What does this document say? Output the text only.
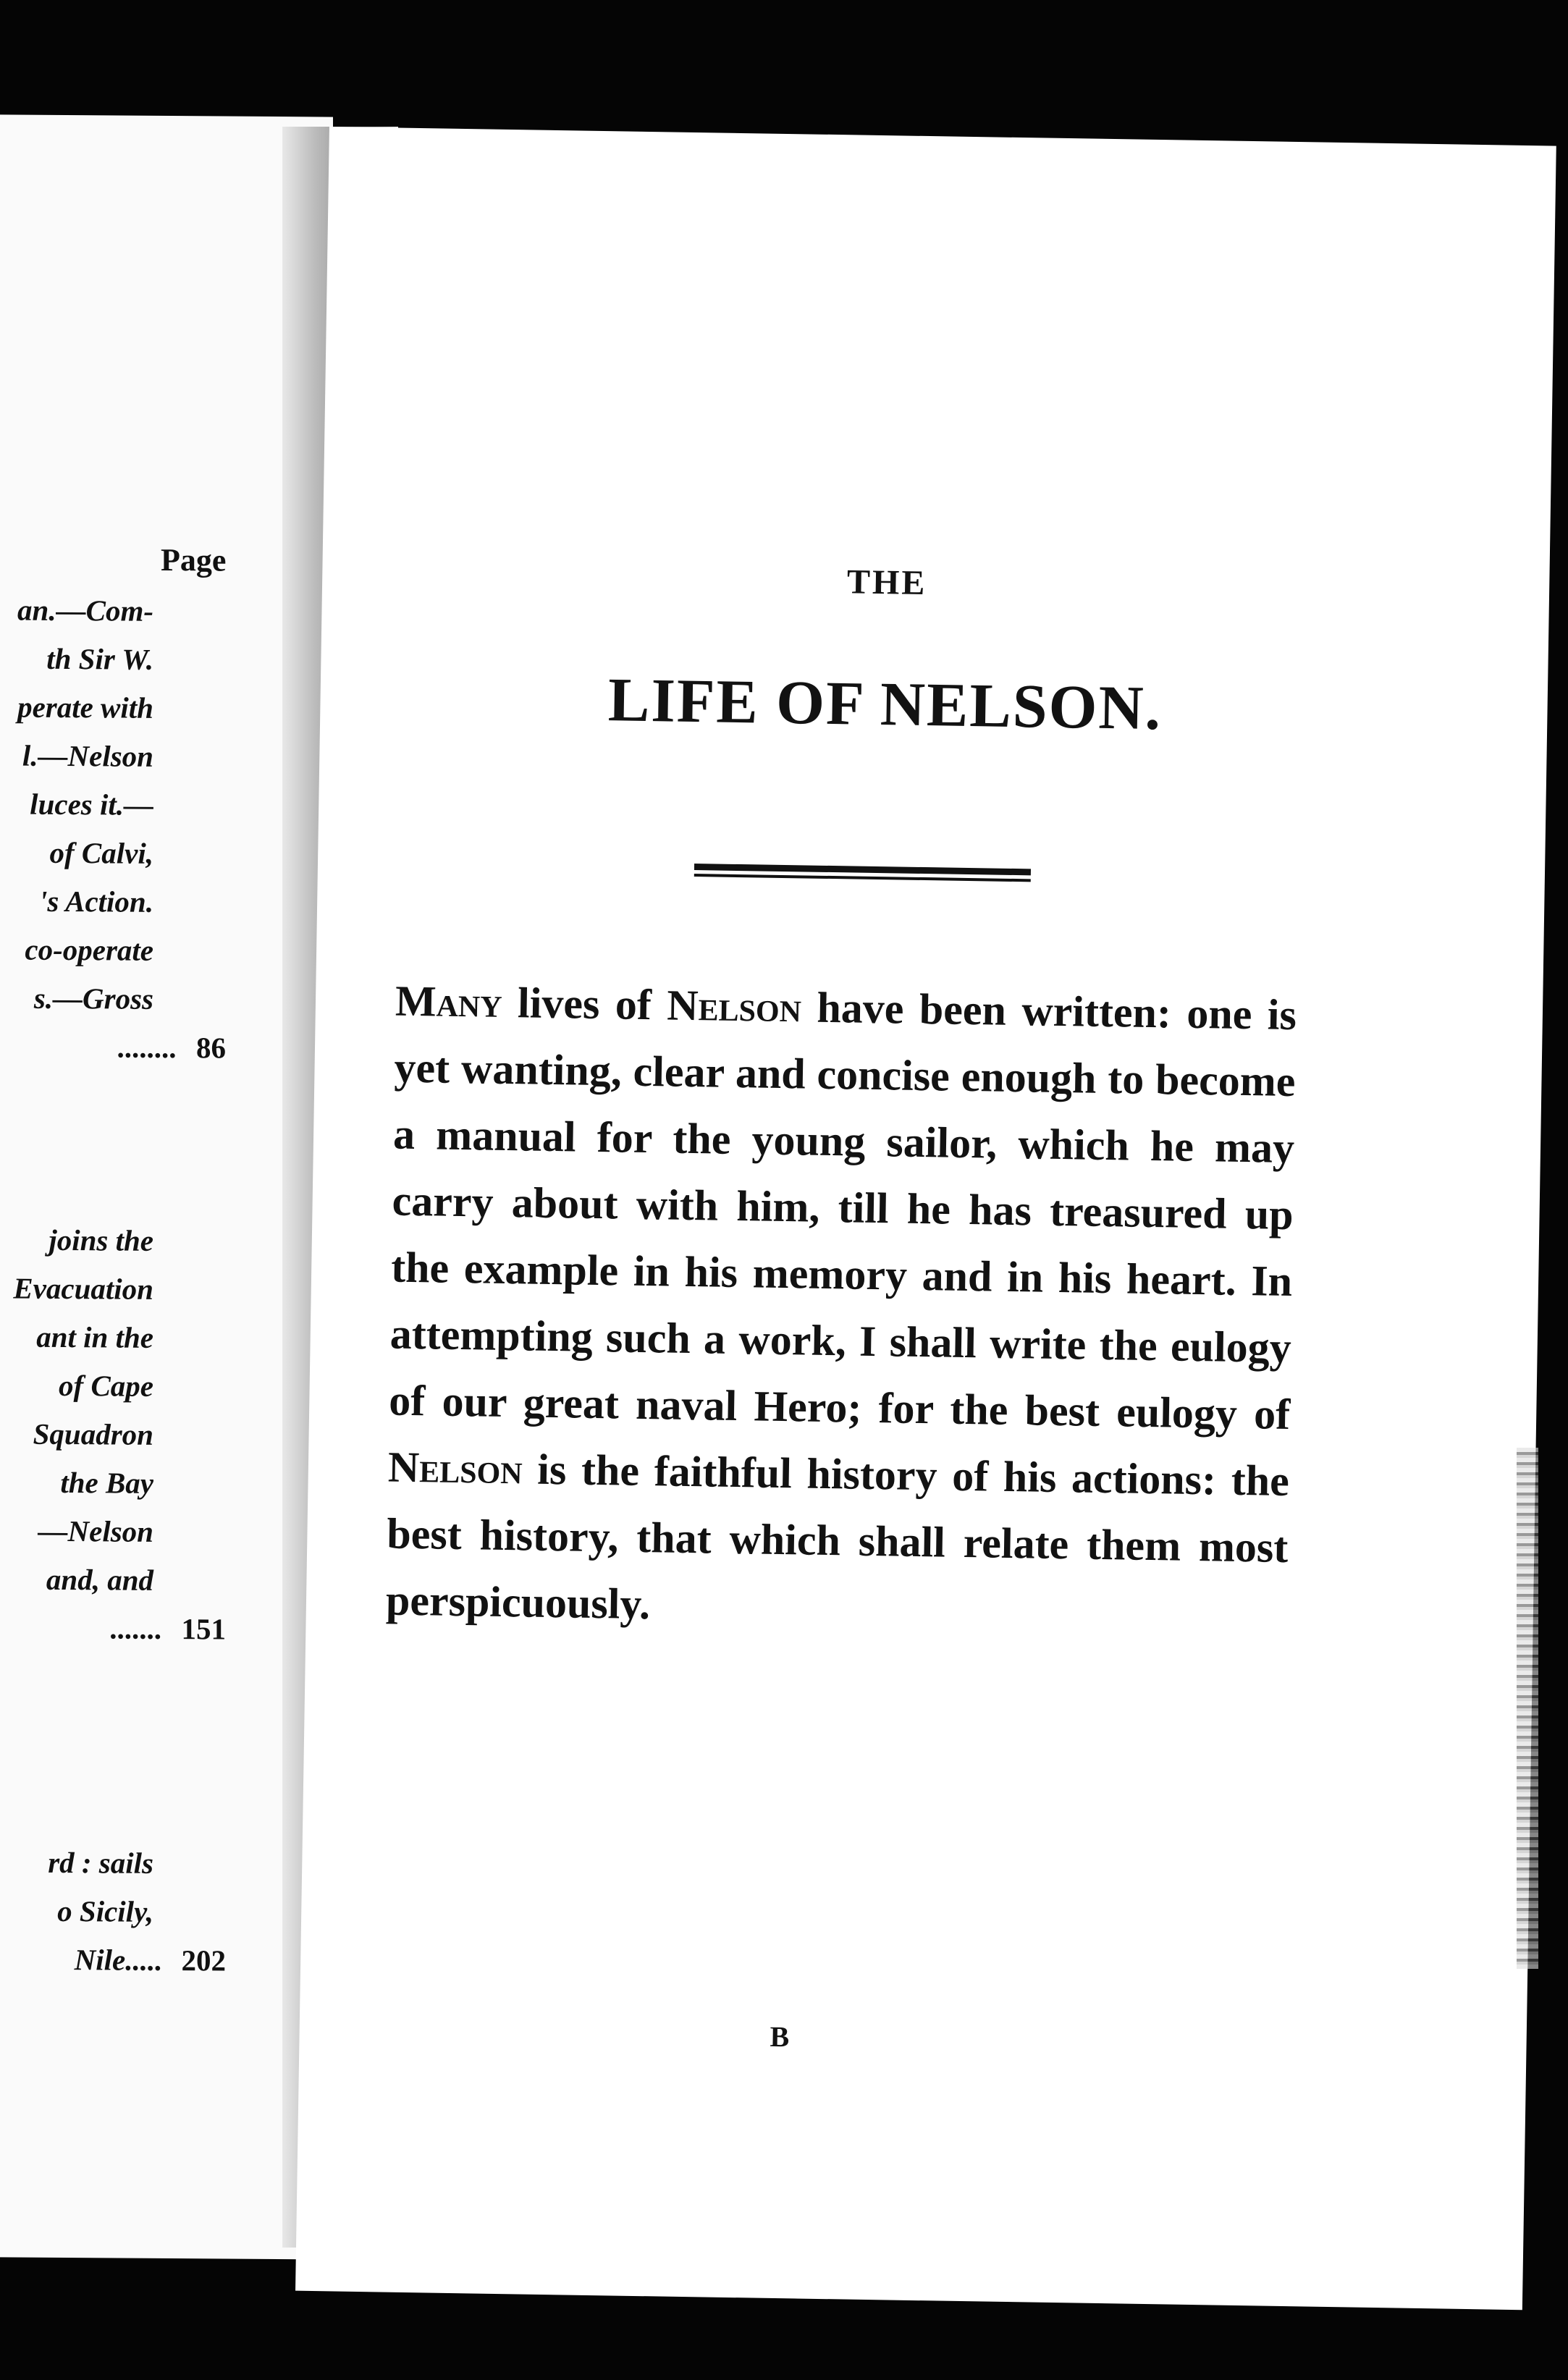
Page
an.—Com-
th Sir W.
perate with
l.—Nelson
luces it.—
of Calvi,
's Action.
co-operate
s.—Gross
........ 86
joins the
Evacuation
ant in the
of Cape
Squadron
the Bay
—Nelson
and, and
....... 151
rd : sails
o Sicily,
Nile..... 202
THE
LIFE OF NELSON.
Many lives of Nelson have been written: one is yet wanting, clear and concise enough to become a manual for the young sailor, which he may carry about with him, till he has treasured up the example in his memory and in his heart. In attempting such a work, I shall write the eulogy of our great naval Hero; for the best eulogy of Nelson is the faithful history of his actions: the best history, that which shall relate them most perspicuously.
B
